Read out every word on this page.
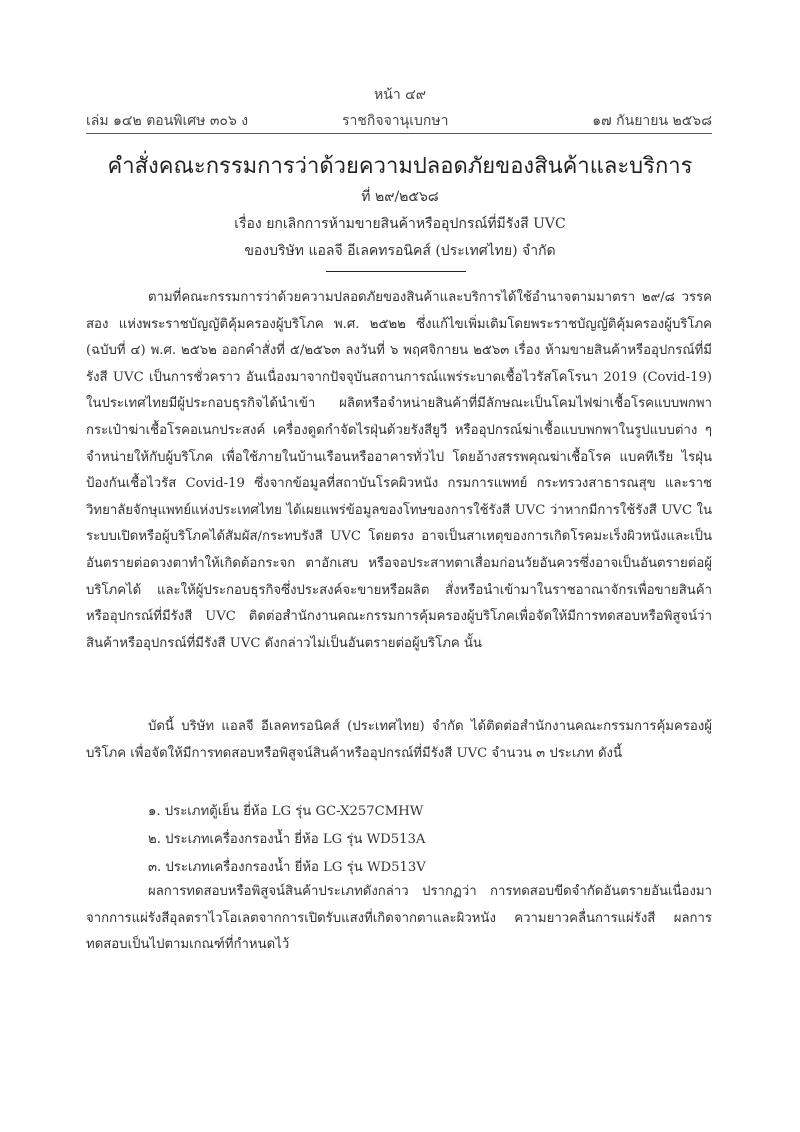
หน้า ๔๙
เล่ม ๑๔๒ ตอนพิเศษ ๓๐๖ ง	ราชกิจจานุเบกษา	๑๗ กันยายน ๒๕๖๘
คำสั่งคณะกรรมการว่าด้วยความปลอดภัยของสินค้าและบริการ
ที่ ๒๙/๒๕๖๘
เรื่อง ยกเลิกการห้ามขายสินค้าหรืออุปกรณ์ที่มีรังสี UVC
ของบริษัท แอลจี อีเลคทรอนิคส์ (ประเทศไทย) จำกัด
ตามที่คณะกรรมการว่าด้วยความปลอดภัยของสินค้าและบริการได้ใช้อำนาจตามมาตรา ๒๙/๘ วรรคสอง แห่งพระราชบัญญัติคุ้มครองผู้บริโภค พ.ศ. ๒๕๒๒ ซึ่งแก้ไขเพิ่มเติมโดยพระราชบัญญัติคุ้มครองผู้บริโภค (ฉบับที่ ๔) พ.ศ. ๒๕๖๒ ออกคำสั่งที่ ๕/๒๕๖๓ ลงวันที่ ๖ พฤศจิกายน ๒๕๖๓ เรื่อง ห้ามขายสินค้าหรืออุปกรณ์ที่มีรังสี UVC เป็นการชั่วคราว อันเนื่องมาจากปัจจุบันสถานการณ์แพร่ระบาดเชื้อไวรัสโคโรนา 2019 (Covid-19) ในประเทศไทยมีผู้ประกอบธุรกิจได้นำเข้า ผลิตหรือจำหน่ายสินค้าที่มีลักษณะเป็นโคมไฟฆ่าเชื้อโรคแบบพกพา กระเป๋าฆ่าเชื้อโรคอเนกประสงค์ เครื่องดูดกำจัดไรฝุ่นด้วยรังสียูวี หรืออุปกรณ์ฆ่าเชื้อแบบพกพาในรูปแบบต่าง ๆ จำหน่ายให้กับผู้บริโภค เพื่อใช้ภายในบ้านเรือนหรืออาคารทั่วไป โดยอ้างสรรพคุณฆ่าเชื้อโรค แบคทีเรีย ไรฝุ่น ป้องกันเชื้อไวรัส Covid-19 ซึ่งจากข้อมูลที่สถาบันโรคผิวหนัง กรมการแพทย์ กระทรวงสาธารณสุข และราชวิทยาลัยจักษุแพทย์แห่งประเทศไทย ได้เผยแพร่ข้อมูลของโทษของการใช้รังสี UVC ว่าหากมีการใช้รังสี UVC ในระบบเปิดหรือผู้บริโภคได้สัมผัส/กระทบรังสี UVC โดยตรง อาจเป็นสาเหตุของการเกิดโรคมะเร็งผิวหนังและเป็นอันตรายต่อดวงตาทำให้เกิดต้อกระจก ตาอักเสบ หรือจอประสาทตาเสื่อมก่อนวัยอันควรซึ่งอาจเป็นอันตรายต่อผู้บริโภคได้ และให้ผู้ประกอบธุรกิจซึ่งประสงค์จะขายหรือผลิต สั่งหรือนำเข้ามาในราชอาณาจักรเพื่อขายสินค้า หรืออุปกรณ์ที่มีรังสี UVC ติดต่อสำนักงานคณะกรรมการคุ้มครองผู้บริโภคเพื่อจัดให้มีการทดสอบหรือพิสูจน์ว่าสินค้าหรืออุปกรณ์ที่มีรังสี UVC ดังกล่าวไม่เป็นอันตรายต่อผู้บริโภค นั้น
บัดนี้ บริษัท แอลจี อีเลคทรอนิคส์ (ประเทศไทย) จำกัด ได้ติดต่อสำนักงานคณะกรรมการคุ้มครองผู้บริโภค เพื่อจัดให้มีการทดสอบหรือพิสูจน์สินค้าหรืออุปกรณ์ที่มีรังสี UVC จำนวน ๓ ประเภท ดังนี้
๑. ประเภทตู้เย็น ยี่ห้อ LG รุ่น GC-X257CMHW
๒. ประเภทเครื่องกรองน้ำ ยี่ห้อ LG รุ่น WD513A
๓. ประเภทเครื่องกรองน้ำ ยี่ห้อ LG รุ่น WD513V
ผลการทดสอบหรือพิสูจน์สินค้าประเภทดังกล่าว ปรากฏว่า การทดสอบขีดจำกัดอันตรายอันเนื่องมาจากการแผ่รังสีอุลตราไวโอเลตจากการเปิดรับแสงที่เกิดจากตาและผิวหนัง ความยาวคลื่นการแผ่รังสี ผลการทดสอบเป็นไปตามเกณฑ์ที่กำหนดไว้
